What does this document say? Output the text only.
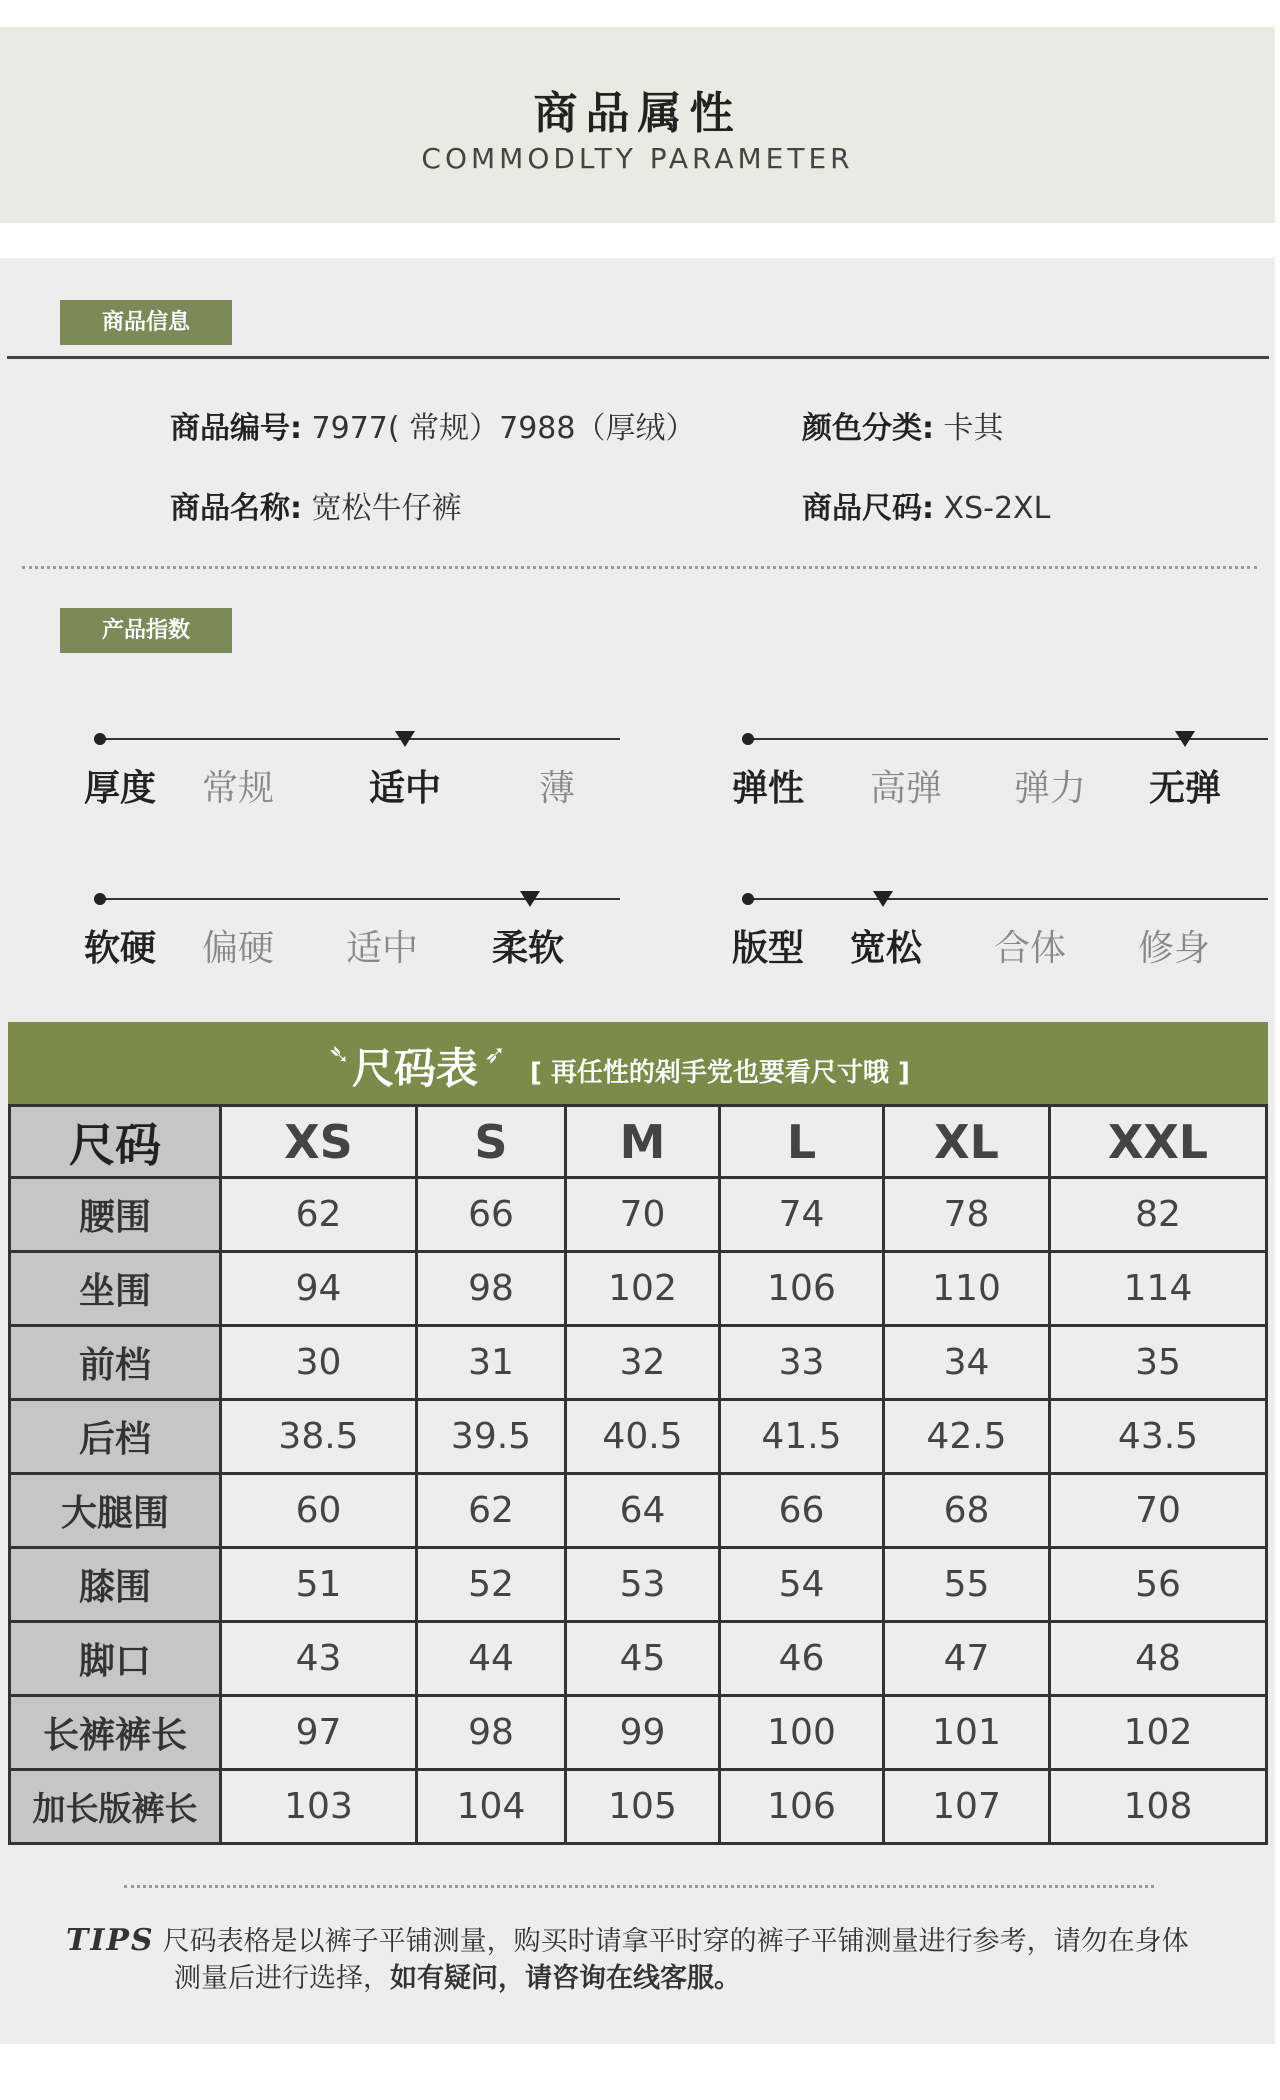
商品属性
COMMODLTY PARAMETER
商品信息
商品编号: 7977( 常规）7988（厚绒）	颜色分类: 卡其
商品名称: 宽松牛仔裤	商品尺码: XS-2XL
产品指数
厚度	常规	适中	薄	弹性	高弹	弹力	无弹
软硬	偏硬	适中	柔软	版型	宽松	合体	修身
➴ 尺码表 ➶
[ 再任性的剁手党也要看尺寸哦 ]
尺码	XS	S	M	L	XL	XXL
腰围	62	66	70	74	78	82
坐围	94	98	102	106	110	114
前档	30	31	32	33	34	35
后档	38.5	39.5	40.5	41.5	42.5	43.5
大腿围	60	62	64	66	68	70
膝围	51	52	53	54	55	56
脚口	43	44	45	46	47	48
长裤裤长	97	98	99	100	101	102
加长版裤长	103	104	105	106	107	108
TIPS 尺码表格是以裤子平铺测量，购买时请拿平时穿的裤子平铺测量进行参考，请勿在身体
测量后进行选择，如有疑问，请咨询在线客服。
